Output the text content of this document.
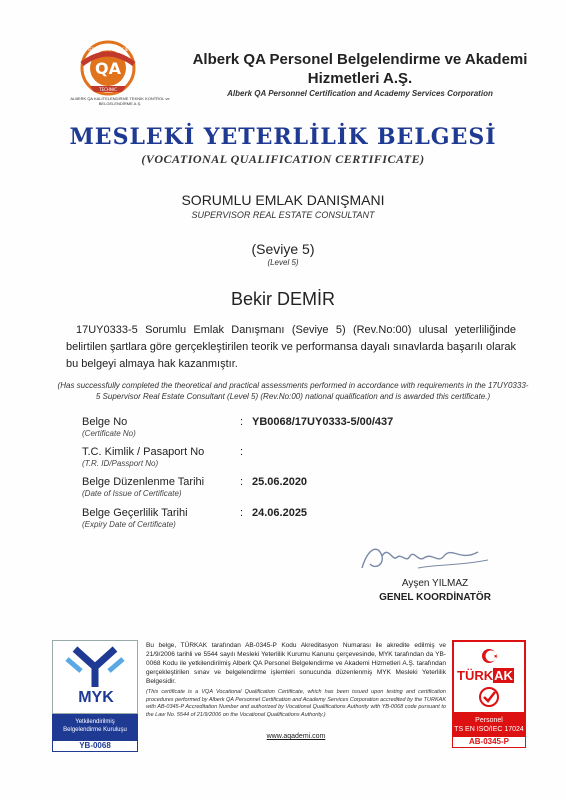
QA
INTERNATIONAL SOCIETY
TECHNIC
ALBERK QA KALİTELENDİRME TEKNİK KONTROL ve BELGELENDİRME A.Ş.
Alberk QA Personel Belgelendirme ve Akademi
Hizmetleri A.Ş.
Alberk QA Personnel Certification and Academy Services Corporation
MESLEKİ YETERLİLİK BELGESİ
(VOCATIONAL QUALIFICATION CERTIFICATE)
SORUMLU EMLAK DANIŞMANI
SUPERVISOR REAL ESTATE CONSULTANT
(Seviye 5)
(Level 5)
Bekir DEMİR
17UY0333-5 Sorumlu Emlak Danışmanı (Seviye 5) (Rev.No:00) ulusal yeterliliğinde belirtilen şartlara göre gerçekleştirilen teorik ve performansa dayalı sınavlarda başarılı olarak bu belgeyi almaya hak kazanmıştır.
(Has successfully completed the theoretical and practical assessments performed in accordance with requirements in the 17UY0333-5 Supervisor Real Estate Consultant (Level 5) (Rev.No:00) national qualification and is awarded this certificate.)
Belge No
(Certificate No)
: YB0068/17UY0333-5/00/437
T.C. Kimlik / Pasaport No
(T.R. ID/Passport No)
:
Belge Düzenlenme Tarihi
(Date of Issue of Certificate)
: 25.06.2020
Belge Geçerlilik Tarihi
(Expiry Date of Certificate)
: 24.06.2025
Ayşen YILMAZ
GENEL KOORDİNATÖR
MYK
Yetkilendirilmiş
Belgelendirme Kuruluşu
YB-0068
Bu belge, TÜRKAK tarafından AB-0345-P Kodu Akreditasyon Numarası ile akredite edilmiş ve 21/9/2006 tarihli ve 5544 sayılı Mesleki Yeterlilik Kurumu Kanunu çerçevesinde, MYK tarafından da YB-0068 Kodu ile yetkilendirilmiş Alberk QA Personel Belgelendirme ve Akademi Hizmetleri A.Ş. tarafından gerçekleştirilen sınav ve belgelendirme işlemleri sonucunda düzenlenmiş MYK Mesleki Yeterlilik Belgesidir.
(This certificate is a VQA Vocational Qualification Certificate, which has been issued upon testing and certification procedures performed by Alberk QA Personnel Certification and Academy Services Corporation accredited by the TURKAK with AB-0345-P Accreditation Number and authorized by Vocational Qualifications Authority with YB-0068 code pursuant to the Law No. 5544 of 21/9/2006 on the Vocational Qualifications Authority.)
www.aqademi.com
TÜRKAK
Personel
TS EN ISO/IEC 17024
AB-0345-P
